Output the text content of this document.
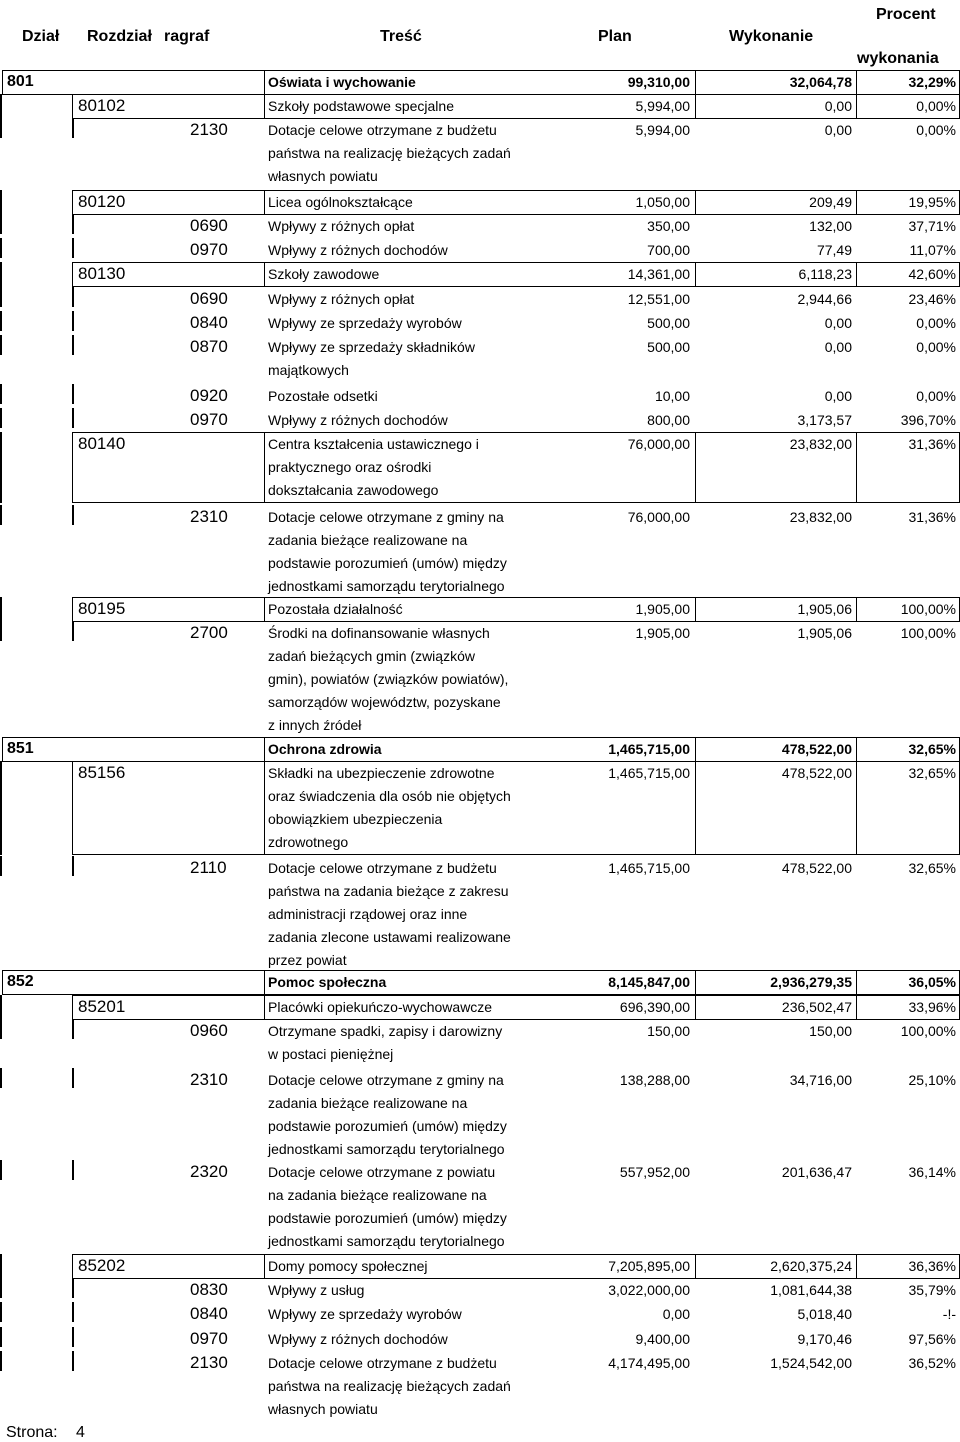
Procent
Dział Rozdział ragraf	Treść	Plan	Wykonanie
wykonania
801	Oświata i wychowanie	99,310,00	32,064,78	32,29%
80102	Szkoły podstawowe specjalne	5,994,00	0,00	0,00%
2130	Dotacje celowe otrzymane z budżetu
państwa na realizację bieżących zadań
własnych powiatu
5,994,00	0,00	0,00%
80120	Licea ogólnokształcące	1,050,00	209,49	19,95%
0690	Wpływy z różnych opłat	350,00	132,00	37,71%
0970	Wpływy z różnych dochodów	700,00	77,49	11,07%
80130	Szkoły zawodowe	14,361,00	6,118,23	42,60%
0690	Wpływy z różnych opłat	12,551,00	2,944,66	23,46%
0840	Wpływy ze sprzedaży wyrobów	500,00	0,00	0,00%
0870	Wpływy ze sprzedaży składników
majątkowych
500,00	0,00	0,00%
0920	Pozostałe odsetki	10,00	0,00	0,00%
0970	Wpływy z różnych dochodów	800,00	3,173,57	396,70%
80140	Centra kształcenia ustawicznego i
praktycznego oraz ośrodki
dokształcania zawodowego
76,000,00	23,832,00	31,36%
2310	Dotacje celowe otrzymane z gminy na
zadania bieżące realizowane na
podstawie porozumień (umów) między
jednostkami samorządu terytorialnego
76,000,00	23,832,00	31,36%
80195	Pozostała działalność	1,905,00	1,905,06	100,00%
2700	Środki na dofinansowanie własnych
zadań bieżących gmin (związków
gmin), powiatów (związków powiatów),
samorządów województw, pozyskane
z innych źródeł
1,905,00	1,905,06	100,00%
851	Ochrona zdrowia	1,465,715,00	478,522,00	32,65%
85156	Składki na ubezpieczenie zdrowotne
oraz świadczenia dla osób nie objętych
obowiązkiem ubezpieczenia
zdrowotnego
1,465,715,00	478,522,00	32,65%
2110	Dotacje celowe otrzymane z budżetu
państwa na zadania bieżące z zakresu
administracji rządowej oraz inne
zadania zlecone ustawami realizowane
przez powiat
1,465,715,00	478,522,00	32,65%
852	Pomoc społeczna	8,145,847,00	2,936,279,35	36,05%
85201	Placówki opiekuńczo-wychowawcze	696,390,00	236,502,47	33,96%
0960	Otrzymane spadki, zapisy i darowizny
w postaci pieniężnej
150,00	150,00	100,00%
2310	Dotacje celowe otrzymane z gminy na
zadania bieżące realizowane na
podstawie porozumień (umów) między
jednostkami samorządu terytorialnego
138,288,00	34,716,00	25,10%
2320	Dotacje celowe otrzymane z powiatu
na zadania bieżące realizowane na
podstawie porozumień (umów) między
jednostkami samorządu terytorialnego
557,952,00	201,636,47	36,14%
85202	Domy pomocy społecznej	7,205,895,00	2,620,375,24	36,36%
0830	Wpływy z usług	3,022,000,00	1,081,644,38	35,79%
0840	Wpływy ze sprzedaży wyrobów	0,00	5,018,40	-!-
0970	Wpływy z różnych dochodów	9,400,00	9,170,46	97,56%
2130	Dotacje celowe otrzymane z budżetu
państwa na realizację bieżących zadań
własnych powiatu
4,174,495,00	1,524,542,00	36,52%
Strona: 4
